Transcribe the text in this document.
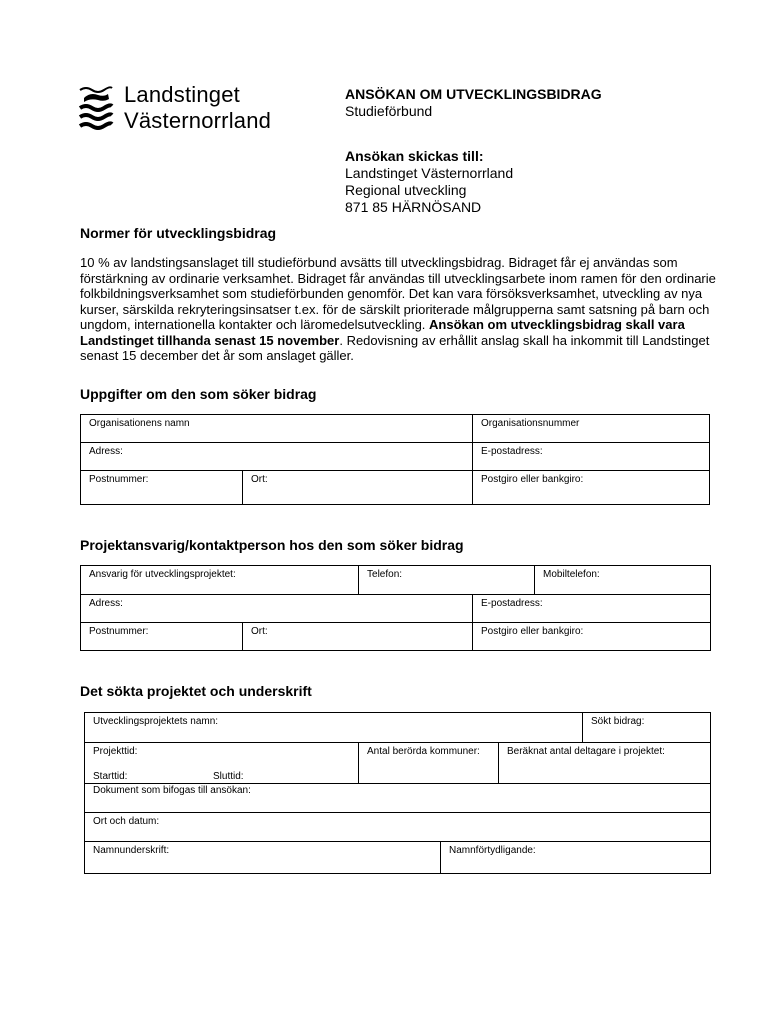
Landstinget
Västernorrland
ANSÖKAN OM UTVECKLINGSBIDRAG
Studieförbund
Ansökan skickas till:
Landstinget Västernorrland
Regional utveckling
871 85 HÄRNÖSAND
Normer för utvecklingsbidrag
10 % av landstingsanslaget till studieförbund avsätts till utvecklingsbidrag. Bidraget får ej användas som förstärkning av ordinarie verksamhet. Bidraget får användas till utvecklingsarbete inom ramen för den ordinarie folkbildningsverksamhet som studieförbunden genomför. Det kan vara försöksverksamhet, utveckling av nya kurser, särskilda rekryteringsinsatser t.ex. för de särskilt prioriterade målgrupperna samt satsning på barn och ungdom, internationella kontakter och läromedelsutveckling. Ansökan om utvecklingsbidrag skall vara Landstinget tillhanda senast 15 november. Redovisning av erhållit anslag skall ha inkommit till Landstinget senast 15 december det år som anslaget gäller.
Uppgifter om den som söker bidrag
Organisationens namn		Organisationsnummer

Adress:		E-postadress:

Postnummer:	Ort:	Postgiro eller bankgiro:
Projektansvarig/kontaktperson hos den som söker bidrag
Ansvarig för utvecklingsprojektet:		Telefon:		Mobiltelefon:

Adress:			E-postadress:	

Postnummer:	Ort:		Postgiro eller bankgiro:	
Det sökta projektet och underskrift
Utvecklingsprojektets namn:				Sökt bidrag:

Projekttid:
Starttid: Sluttid:	Antal berörda kommuner:		Beräknat antal deltagare i projektet:	

Dokument som bifogas till ansökan:				

Ort och datum:				

Namnunderskrift:		Namnförtydligande:		
